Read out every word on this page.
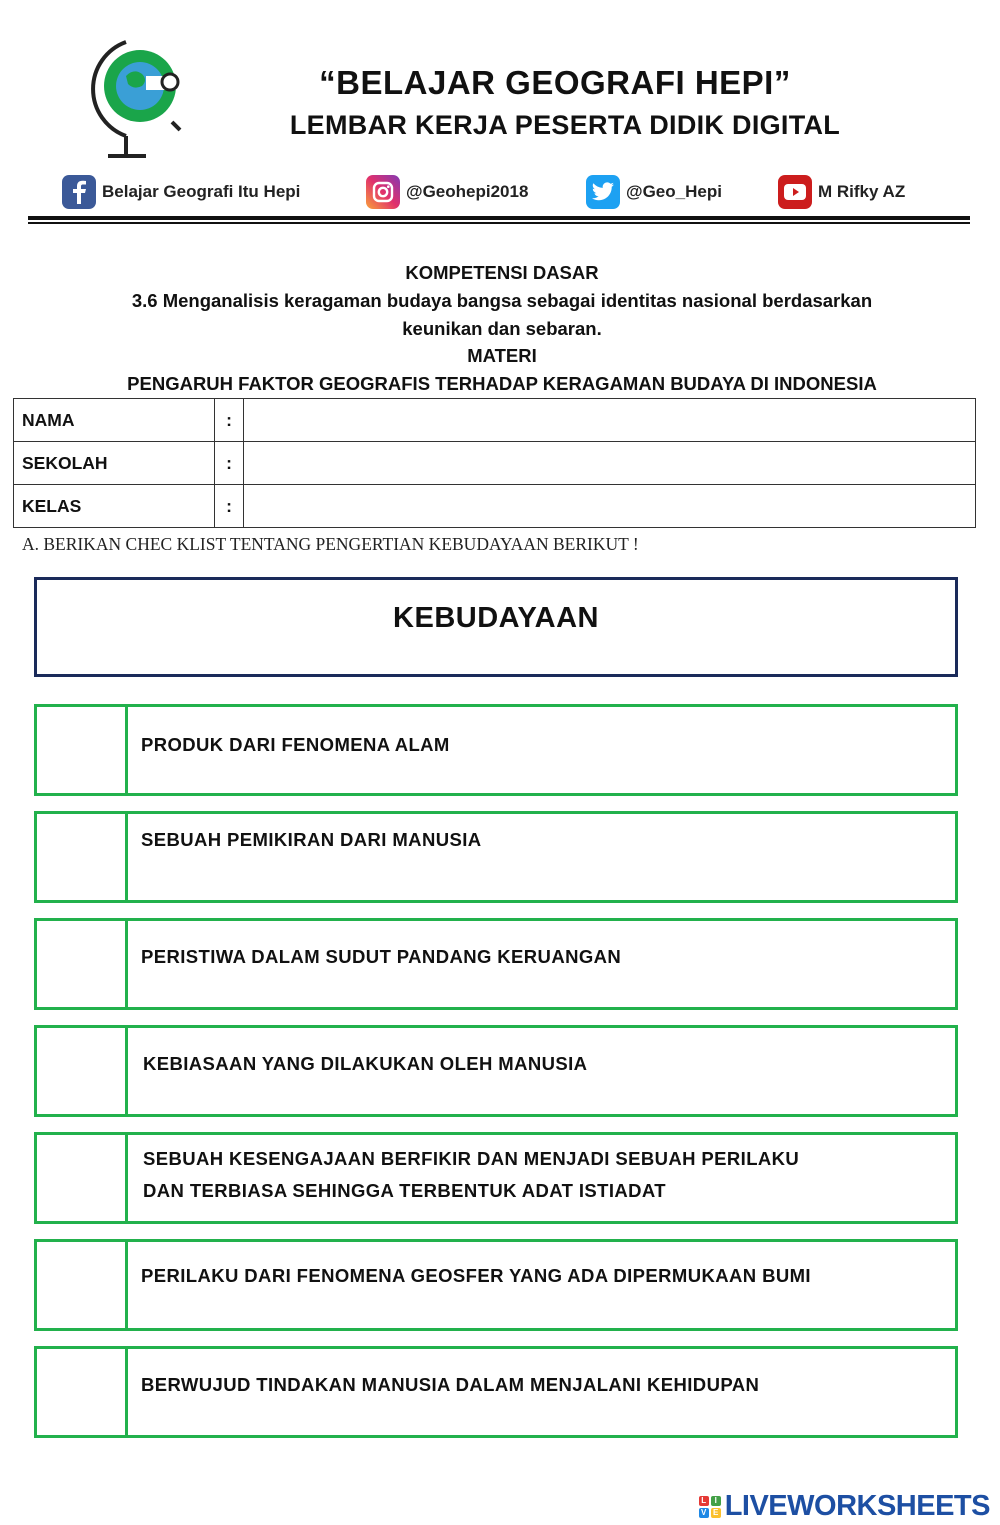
“BELAJAR GEOGRAFI HEPI”
LEMBAR KERJA PESERTA DIDIK DIGITAL
Belajar Geografi Itu Hepi	@Geohepi2018	@Geo_Hepi	M Rifky AZ
KOMPETENSI DASAR
3.6 Menganalisis keragaman budaya bangsa sebagai identitas nasional berdasarkan
keunikan dan sebaran.
MATERI
PENGARUH FAKTOR GEOGRAFIS TERHADAP KERAGAMAN BUDAYA DI INDONESIA
NAMA	:	
SEKOLAH	:	
KELAS	:	
A. BERIKAN CHEC KLIST TENTANG PENGERTIAN KEBUDAYAAN BERIKUT !
KEBUDAYAAN
PRODUK DARI FENOMENA ALAM
SEBUAH PEMIKIRAN DARI MANUSIA
PERISTIWA DALAM SUDUT PANDANG KERUANGAN
KEBIASAAN YANG DILAKUKAN OLEH MANUSIA
SEBUAH KESENGAJAAN BERFIKIR DAN MENJADI SEBUAH PERILAKU
DAN TERBIASA SEHINGGA TERBENTUK ADAT ISTIADAT
PERILAKU DARI FENOMENA GEOSFER YANG ADA DIPERMUKAAN BUMI
BERWUJUD TINDAKAN MANUSIA DALAM MENJALANI KEHIDUPAN
L	I
V E LIVEWORKSHEETS
